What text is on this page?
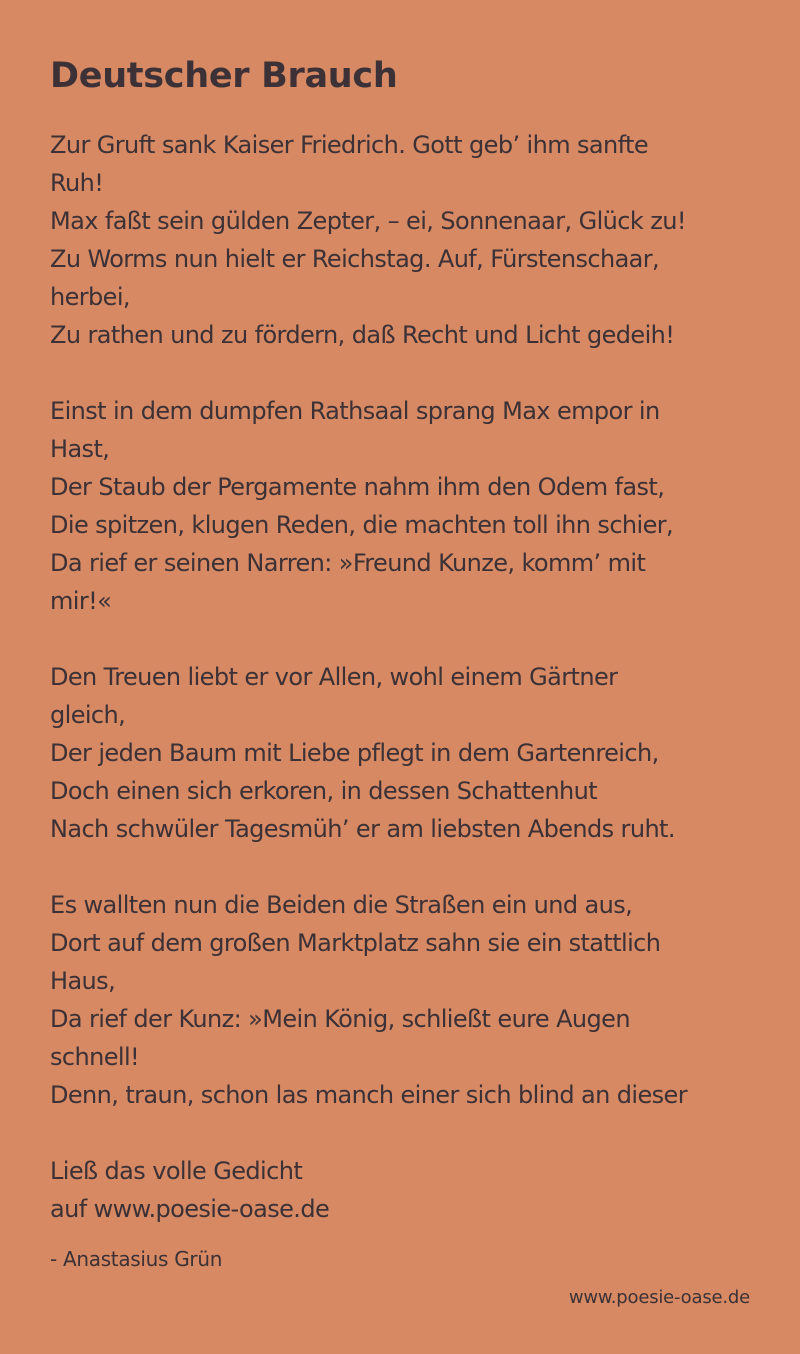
Deutscher Brauch
Zur Gruft sank Kaiser Friedrich. Gott geb’ ihm sanfte
Ruh!
Max faßt sein gülden Zepter, – ei, Sonnenaar, Glück zu!
Zu Worms nun hielt er Reichstag. Auf, Fürstenschaar,
herbei,
Zu rathen und zu fördern, daß Recht und Licht gedeih!
Einst in dem dumpfen Rathsaal sprang Max empor in
Hast,
Der Staub der Pergamente nahm ihm den Odem fast,
Die spitzen, klugen Reden, die machten toll ihn schier,
Da rief er seinen Narren: »Freund Kunze, komm’ mit
mir!«
Den Treuen liebt er vor Allen, wohl einem Gärtner
gleich,
Der jeden Baum mit Liebe pflegt in dem Gartenreich,
Doch einen sich erkoren, in dessen Schattenhut
Nach schwüler Tagesmüh’ er am liebsten Abends ruht.
Es wallten nun die Beiden die Straßen ein und aus,
Dort auf dem großen Marktplatz sahn sie ein stattlich
Haus,
Da rief der Kunz: »Mein König, schließt eure Augen
schnell!
Denn, traun, schon las manch einer sich blind an dieser
Ließ das volle Gedicht
auf www.poesie-oase.de
- Anastasius Grün
www.poesie-oase.de
